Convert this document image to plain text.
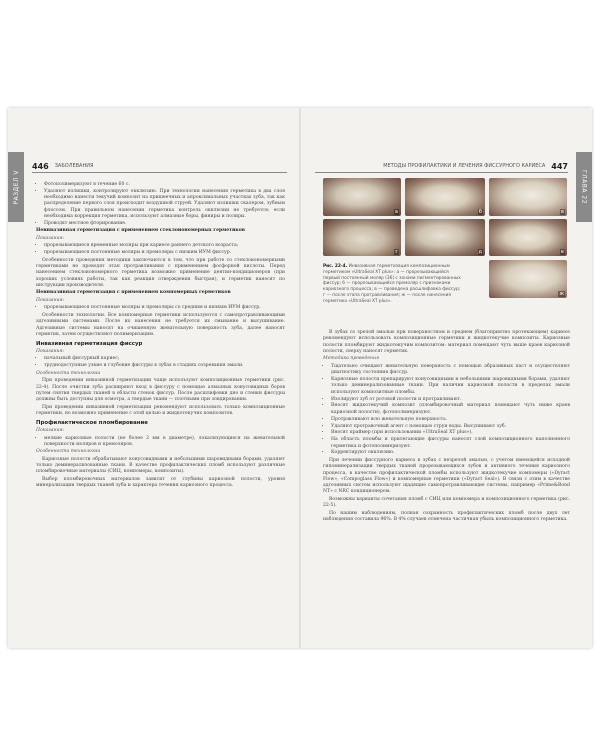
РАЗДЕЛ V
446 ЗАБОЛЕВАНИЯ
• Фотополимеризуют в течение 60 с.
• Удаляют излишки, контролируют окклюзию. При технологии нанесения герметика в два слоя необходимо нанести текучий композит на пришеечных и апроксимальных участках зуба, так как распределение первого слоя происходит воздушной струей. Удаляют излишки скалером, зубным флоссом. При правильном нанесении герметика контроль окклюзии не требуется; если необходима коррекция герметика, используют алмазные боры, финиры и полиры.
• Проводят местное фторирование.

Неинвазивная герметизация с применением стеклоиономерных герметиков

Показания:

• прорезывающиеся временные моляры при кариесе раннего детского возраста;
• прорезывающиеся постоянные моляры и премоляры с низким ИУМ фиссур.

Особенности проведения методики заключаются в том, что при работе со стеклоиономерными герметиками не проводят этап протравливания с применением фосфорной кислоты. Перед нанесением стеклоиономерного герметика возможно применение дентин-кондиционеров (при хороших условиях работы, так как реакция отверждения быстрая), и герметик наносят по инструкции производителя.

Неинвазивная герметизация с применением компомерных герметиков

Показания:

• прорезывающиеся постоянные моляры и премоляры со средним и низким ИУМ фиссур.

Особенности технологии. Все компомерные герметики используются с самопротравливающими адгезивными системами. После их нанесения не требуется их смывание и высушивание. Адгезивные системы наносят на очищенную жевательную поверхность зуба, далее наносят герметик, затем осуществляют полимеризацию.

Инвазивная герметизация фиссур

Показания:

• начальный фиссурный кариес;
• труднодоступные узкие и глубокие фиссуры в зубах в стадиях созревания эмали.

Особенности технологии

При проведении инвазивной герметизации чаще используют композиционные герметики (рис. 22-4). После очистки зуба расширяют вход в фиссуру с помощью алмазных конусовидных боров путем снятия твердых тканей в области стенок фиссур. После расшлифовки дно и стенки фиссуры должны быть доступны для осмотра, а твердые ткани — плотными при зондировании.

При проведении инвазивной герметизации рекомендуют использовать только композиционные герметики, но возможно применение с этой целью и жидкотекучих композитов.

Профилактическое пломбирование

Показания:

• мелкие кариозные полости (не более 2 мм в диаметре), локализующиеся на жевательной поверхности моляров и премоляров.

Особенности технологии

Кариозные полости обрабатывают конусовидными и небольшими шаровидными борами, удаляют только деминерализованные ткани. В качестве профилактических пломб используют различные пломбировочные материалы (СИЦ, компомеры, композиты).

Выбор пломбировочных материалов зависит от глубины кариозной полости, уровня минерализации твердых тканей зуба и характера течения кариозного процесса.

ГЛАВА 22
МЕТОДЫ ПРОФИЛАКТИКИ И ЛЕЧЕНИЯ ФИССУРНОГО КАРИЕСА 447
а	б	в
г	д	е
ж
Рис. 22-4. Инвазивная герметизация композиционным герметиком «UltraSeal XT plus»: а — прорезывающийся первый постоянный моляр (36) с зонами пигментированных фиссур; б — прорезывающийся премоляр с признаками кариозного процесса; в — проведена расшлифовка фиссур; г — после этапа протравливания; ж — после нанесения герметика «UltraSeal XT plus».

В зубах со зрелой эмалью при поверхностном и среднем (благоприятно протекающем) кариесе рекомендуют использовать композиционные герметики и жидкотекучие композиты. Кариозные полости пломбируют жидкотекучим композитом: материал помещают чуть выше краев кариозной полости, сверху наносят герметик.

Методика проведения

• Тщательно очищают жевательную поверхность с помощью абразивных паст и осуществляют диагностику состояния фиссур.
• Кариозные полости препарируют конусовидными и небольшими шаровидными борами, удаляют только деминерализованные ткани. При наличии кариозной полости в пределах эмали используют композитные пломбы.
• Изолируют зуб от ротовой полости и протравливают.
• Вносят жидкотекучий композит (пломбировочный материал помещают чуть ниже краев кариозной полости), фотополимеризуют.
• Протравливают всю жевательную поверхность.
• Удаляют протравочный агент с помощью струи воды. Высушивают зуб.
• Вносят праймер (при использовании «UltraSeal XT plus»).
• На область пломбы и прилегающие фиссуры наносят слой композиционного наполненного герметика и фотополимеризуют.
• Корректируют окклюзию.

При лечении фиссурного кариеса в зубах с незрелой эмалью, с учетом имеющейся исходной гипоминерализации твердых тканей прорезывающихся зубов и активного течения кариозного процесса, в качестве профилактической пломбы используют жидкотекучие компомеры («Dyract Flow», «Compoglass Flow») и компомерные герметики («Dyract Seal»). В связи с этим в качестве адгезивных систем используют щадящие самопротравливающие системы, например «Prime&Bond NT» с NRC кондиционером.

Возможны варианты сочетания пломб с СИЦ или компомера и композиционного герметика (рис. 22-5).

По нашим наблюдениям, полная сохранность профилактических пломб после двух лет наблюдения составила 96%. В 4% случаев отмечена частичная убыль композиционного герметика.
